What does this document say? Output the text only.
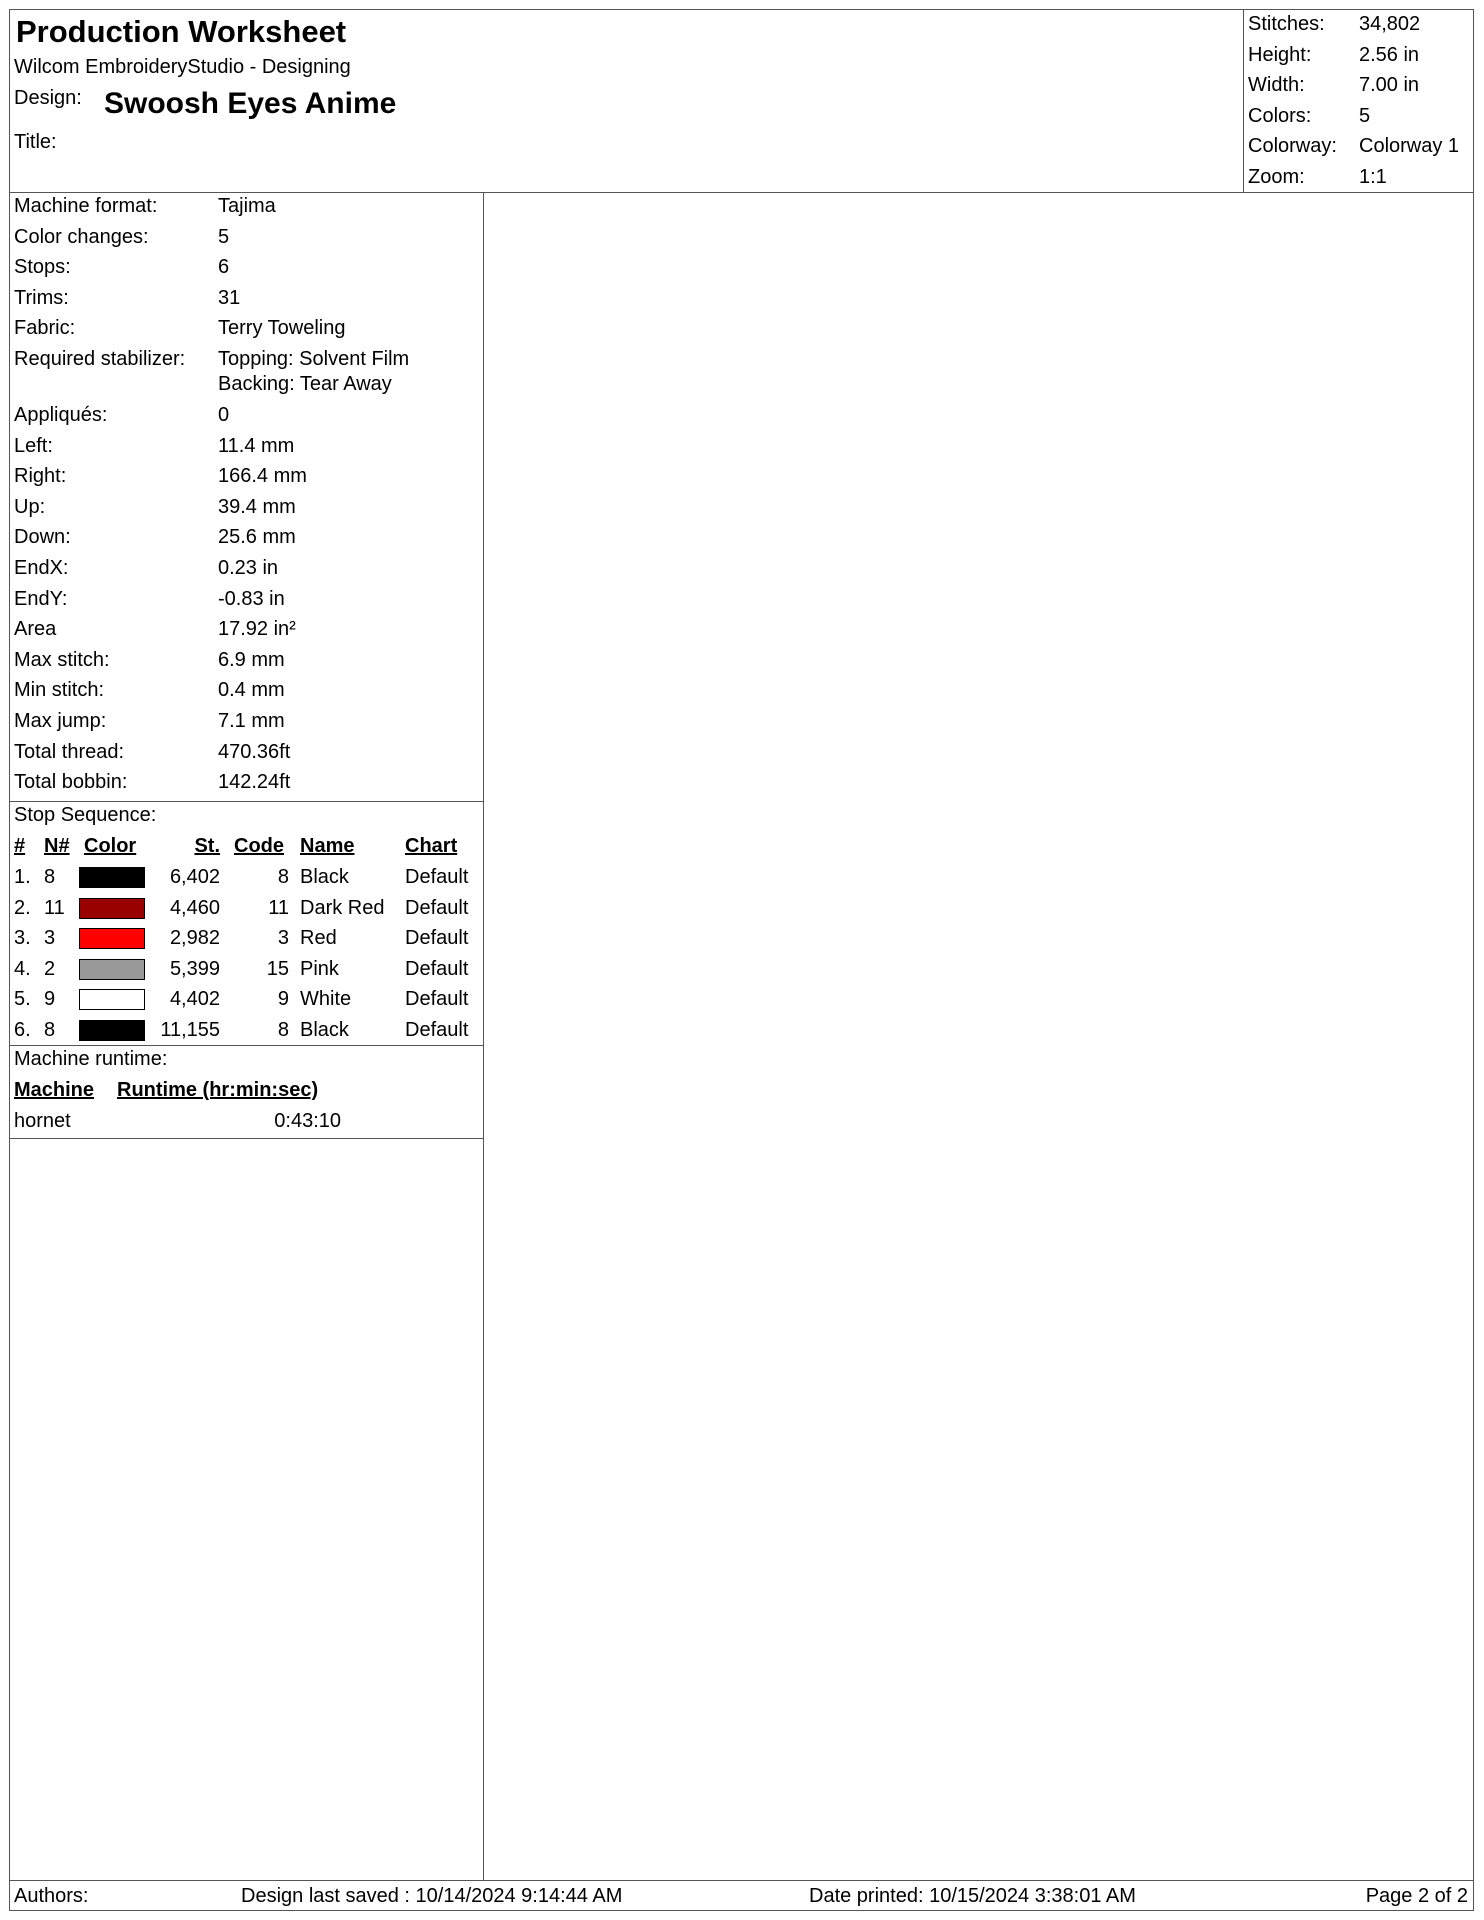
Production Worksheet
Wilcom EmbroideryStudio - Designing
Design: Swoosh Eyes Anime
Title:
Stitches: 34,802
Height: 2.56 in
Width:	7.00 in
Colors: 5
Colorway: Colorway 1
Zoom:	1:1
Machine format:	Tajima
Color changes:	5
Stops:	6
Trims:	31
Fabric:	Terry Toweling
Required stabilizer: Topping: Solvent Film
Backing: Tear Away
Appliqués:	0
Left:	11.4 mm
Right:	166.4 mm
Up:	39.4 mm
Down:	25.6 mm
EndX:	0.23 in
EndY:	-0.83 in
Area	17.92 in²
Max stitch:	6.9 mm
Min stitch:	0.4 mm
Max jump:	7.1 mm
Total thread:	470.36ft
Total bobbin:	142.24ft
Stop Sequence:
# N# Color	St. Code Name	Chart
1. 8	6,402	8 Black	Default
2. 11	4,460	11 Dark Red Default
3. 3	2,982	3 Red	Default
4. 2	5,399	15 Pink	Default
5. 9	4,402	9 White	Default
6. 8	11,155	8 Black	Default
Machine runtime:
Machine Runtime (hr:min:sec)
hornet	0:43:10
Authors:	Design last saved : 10/14/2024 9:14:44 AM	Date printed: 10/15/2024 3:38:01 AM	Page 2 of 2
